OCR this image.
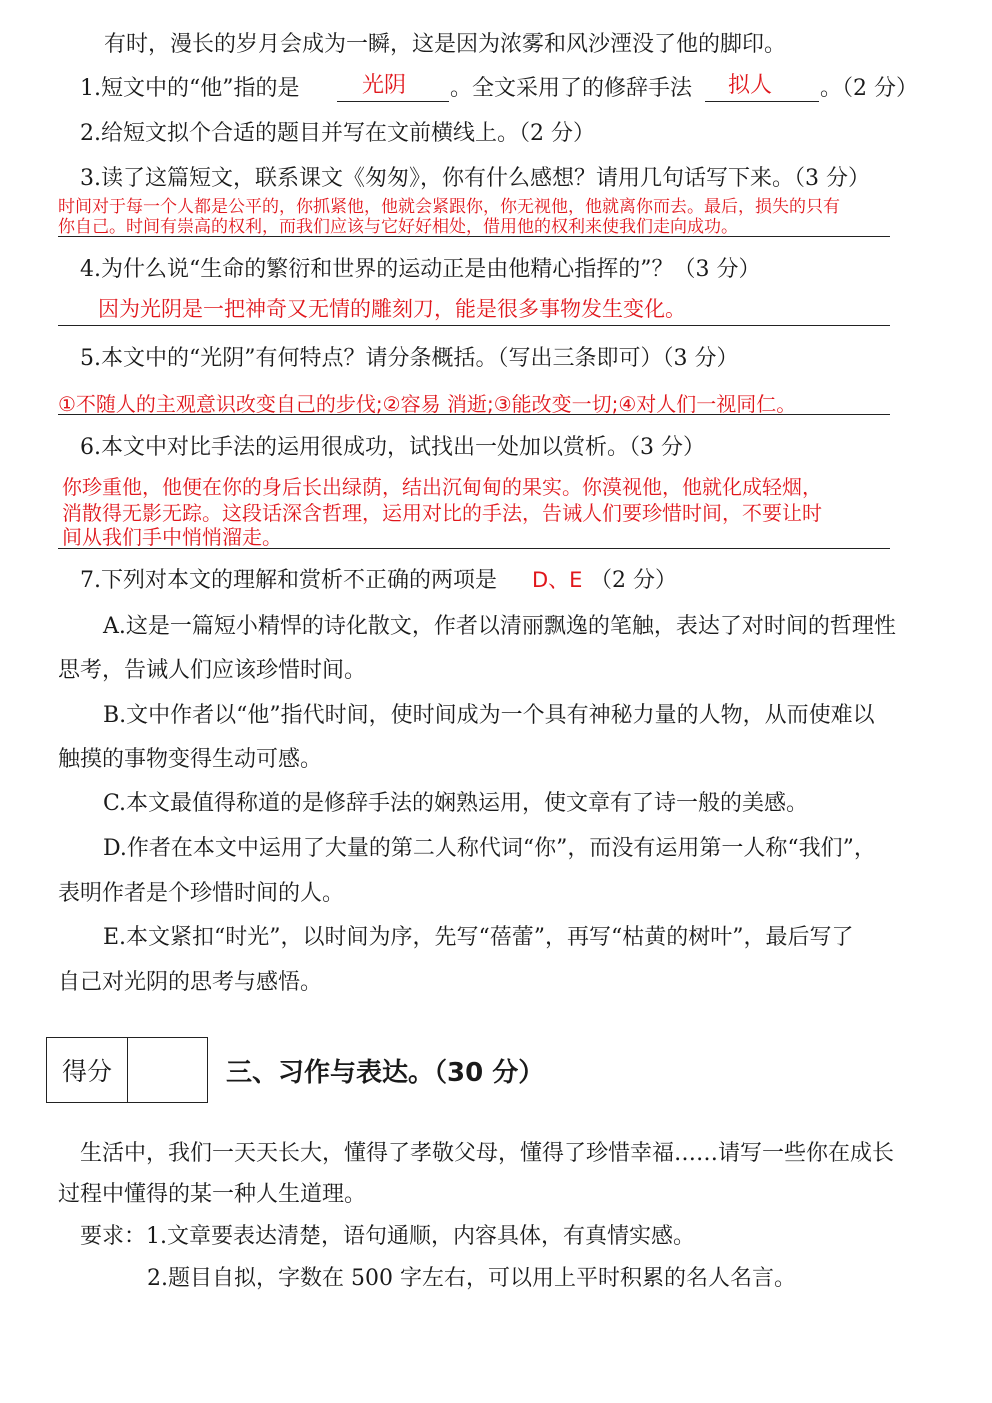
有时，漫长的岁月会成为一瞬，这是因为浓雾和风沙湮没了他的脚印。
1.短文中的“他”指的是	光阴 。全文采用了的修辞手法 拟人 。（2 分）
2.给短文拟个合适的题目并写在文前横线上。（2 分）
3.读了这篇短文，联系课文《匆匆》，你有什么感想？请用几句话写下来。（3 分）
时间对于每一个人都是公平的，你抓紧他，他就会紧跟你，你无视他，他就离你而去。最后，损失的只有
你自己。时间有崇高的权利，而我们应该与它好好相处，借用他的权利来使我们走向成功。
4.为什么说“生命的繁衍和世界的运动正是由他精心指挥的”？（3 分）
因为光阴是一把神奇又无情的雕刻刀，能是很多事物发生变化。
5.本文中的“光阴”有何特点？请分条概括。（写出三条即可）（3 分）
①不随人的主观意识改变自己的步伐;②容易 消逝;③能改变一切;④对人们一视同仁。
6.本文中对比手法的运用很成功，试找出一处加以赏析。（3 分）
你珍重他，他便在你的身后长出绿荫，结出沉甸甸的果实。你漠视他，他就化成轻烟，
消散得无影无踪。这段话深含哲理，运用对比的手法，告诫人们要珍惜时间，不要让时
间从我们手中悄悄溜走。
7.下列对本文的理解和赏析不正确的两项是 D、E （2 分）
A.这是一篇短小精悍的诗化散文，作者以清丽飘逸的笔触，表达了对时间的哲理性
思考，告诫人们应该珍惜时间。
B.文中作者以“他”指代时间，使时间成为一个具有神秘力量的人物，从而使难以
触摸的事物变得生动可感。
C.本文最值得称道的是修辞手法的娴熟运用，使文章有了诗一般的美感。
D.作者在本文中运用了大量的第二人称代词“你”，而没有运用第一人称“我们”，
表明作者是个珍惜时间的人。
E.本文紧扣“时光”，以时间为序，先写“蓓蕾”，再写“枯黄的树叶”，最后写了
自己对光阴的思考与感悟。
得分	三、习作与表达。（30 分）
生活中，我们一天天长大，懂得了孝敬父母，懂得了珍惜幸福……请写一些你在成长
过程中懂得的某一种人生道理。
要求：1.文章要表达清楚，语句通顺，内容具体，有真情实感。
2.题目自拟，字数在 500 字左右，可以用上平时积累的名人名言。
